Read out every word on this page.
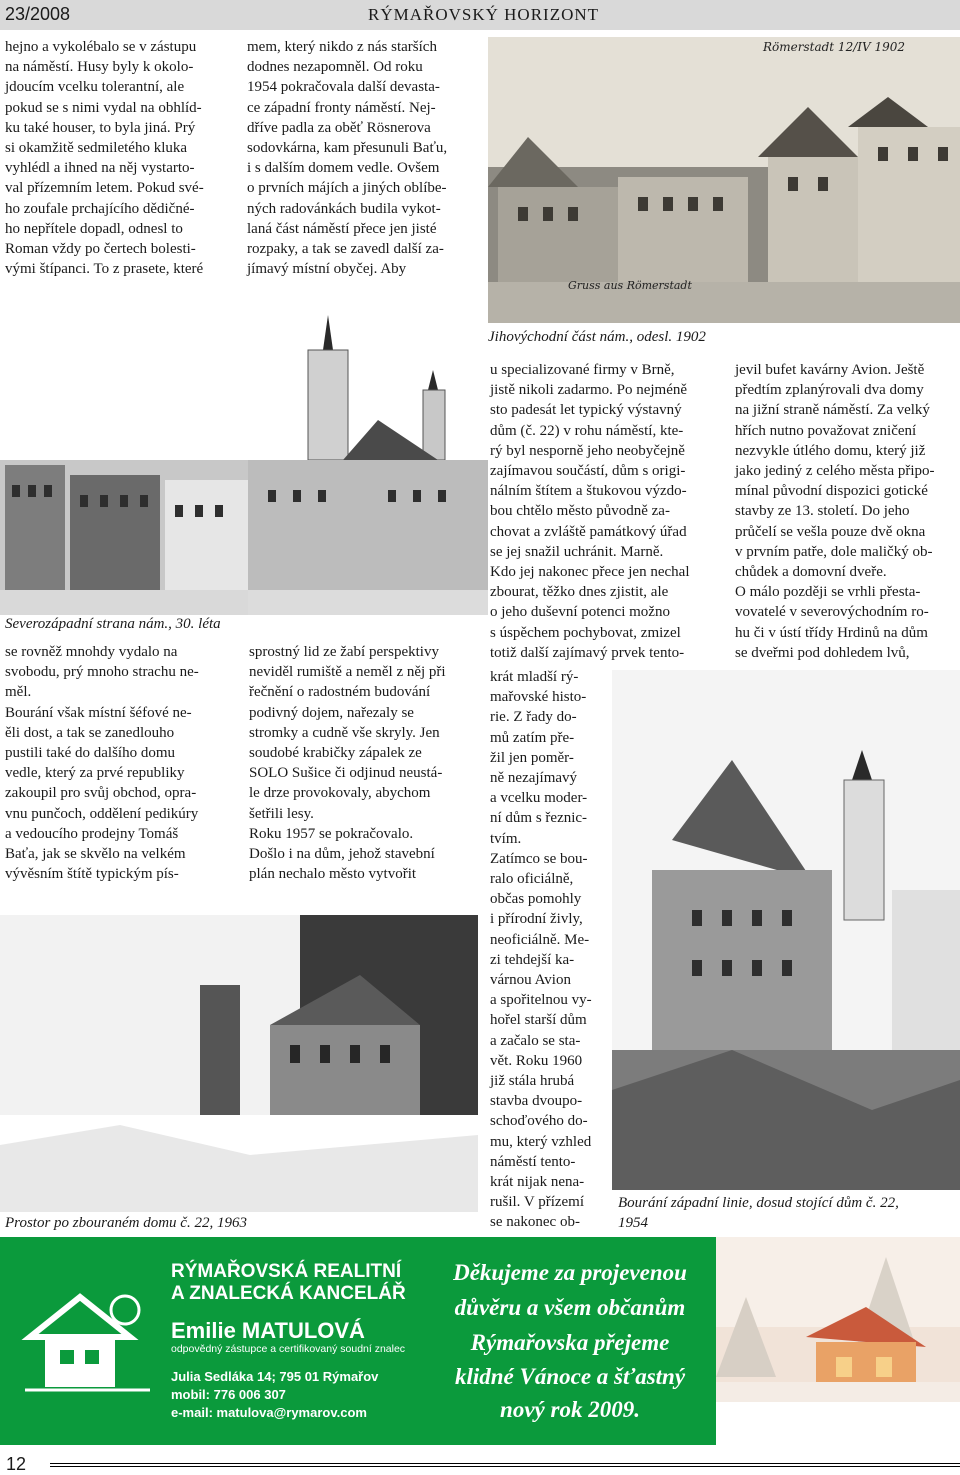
23/2008	RÝMAŘOVSKÝ HORIZONT
hejno a vykolébalo se v zástupu
na náměstí. Husy byly k okolo-
jdoucím vcelku tolerantní, ale
pokud se s nimi vydal na obhlíd-
ku také houser, to byla jiná. Prý
si okamžitě sedmiletého kluka
vyhlédl a ihned na něj vystarto-
val přízemním letem. Pokud své-
ho zoufale prchajícího dědičné-
ho nepřítele dopadl, odnesl to
Roman vždy po čertech bolesti-
vými štípanci. To z prasete, které
mem, který nikdo z nás starších
dodnes nezapomněl. Od roku
1954 pokračovala další devasta-
ce západní fronty náměstí. Nej-
dříve padla za oběť Rösnerova
sodovkárna, kam přesunuli Baťu,
i s dalším domem vedle. Ovšem
o prvních májích a jiných oblíbe-
ných radovánkách budila vykot-
laná část náměstí přece jen jisté
rozpaky, a tak se zavedl další za-
jímavý místní obyčej. Aby
Römerstadt 12/IV 1902
Gruss aus Römerstadt
Jihovýchodní část nám., odesl. 1902
Severozápadní strana nám., 30. léta
se rovněž mnohdy vydalo na
svobodu, prý mnoho strachu ne-
měl.
Bourání však místní šéfové ne-
ěli dost, a tak se zanedlouho
pustili také do dalšího domu
vedle, který za prvé republiky
zakoupil pro svůj obchod, opra-
vnu punčoch, oddělení pedikúry
a vedoucího prodejny Tomáš
Baťa, jak se skvělo na velkém
vývěsním štítě typickým pís-
sprostný lid ze žabí perspektivy
neviděl rumiště a neměl z něj při
řečnění o radostném budování
podivný dojem, nařezaly se
stromky a cudně vše skryly. Jen
soudobé krabičky zápalek ze
SOLO Sušice či odjinud neustá-
le drze provokovaly, abychom
šetřili lesy.
Roku 1957 se pokračovalo.
Došlo i na dům, jehož stavební
plán nechalo město vytvořit
u specializované firmy v Brně,
jistě nikoli zadarmo. Po nejméně
sto padesát let typický výstavný
dům (č. 22) v rohu náměstí, kte-
rý byl nesporně jeho neobyčejně
zajímavou součástí, dům s origi-
nálním štítem a štukovou výzdo-
bou chtělo město původně za-
chovat a zvláště památkový úřad
se jej snažil uchránit. Marně.
Kdo jej nakonec přece jen nechal
zbourat, těžko dnes zjistit, ale
o jeho duševní potenci možno
s úspěchem pochybovat, zmizel
totiž další zajímavý prvek tento-
krát mladší rý-
mařovské histo-
rie. Z řady do-
mů zatím pře-
žil jen poměr-
ně nezajímavý
a vcelku moder-
ní dům s řeznic-
tvím.
Zatímco se bou-
ralo oficiálně,
občas pomohly
i přírodní živly,
neoficiálně. Me-
zi tehdejší ka-
várnou Avion
a spořitelnou vy-
hořel starší dům
a začalo se sta-
vět. Roku 1960
již stála hrubá
stavba dvoupo-
schoďového do-
mu, který vzhled
náměstí tento-
krát nijak nena-
rušil. V přízemí
se nakonec ob-
jevil bufet kavárny Avion. Ještě
předtím zplanýrovali dva domy
na jižní straně náměstí. Za velký
hřích nutno považovat zničení
nezvykle útlého domu, který již
jako jediný z celého města připo-
mínal původní dispozici gotické
stavby ze 13. století. Do jeho
průčelí se vešla pouze dvě okna
v prvním patře, dole maličký ob-
chůdek a domovní dveře.
O málo později se vrhli přesta-
vovatelé v severovýchodním ro-
hu či v ústí třídy Hrdinů na dům
se dveřmi pod dohledem lvů,
Prostor po zbouraném domu č. 22, 1963
Bourání západní linie, dosud stojící dům č. 22,
1954
RÝMAŘOVSKÁ REALITNÍ
A ZNALECKÁ KANCELÁŘ
Emilie MATULOVÁ
odpovědný zástupce a certifikovaný soudní znalec
Julia Sedláka 14; 795 01 Rýmařov
mobil: 776 006 307
e-mail: matulova@rymarov.com
Děkujeme za projevenou
důvěru a všem občanům
Rýmařovska přejeme
klidné Vánoce a šťastný
nový rok 2009.
12
